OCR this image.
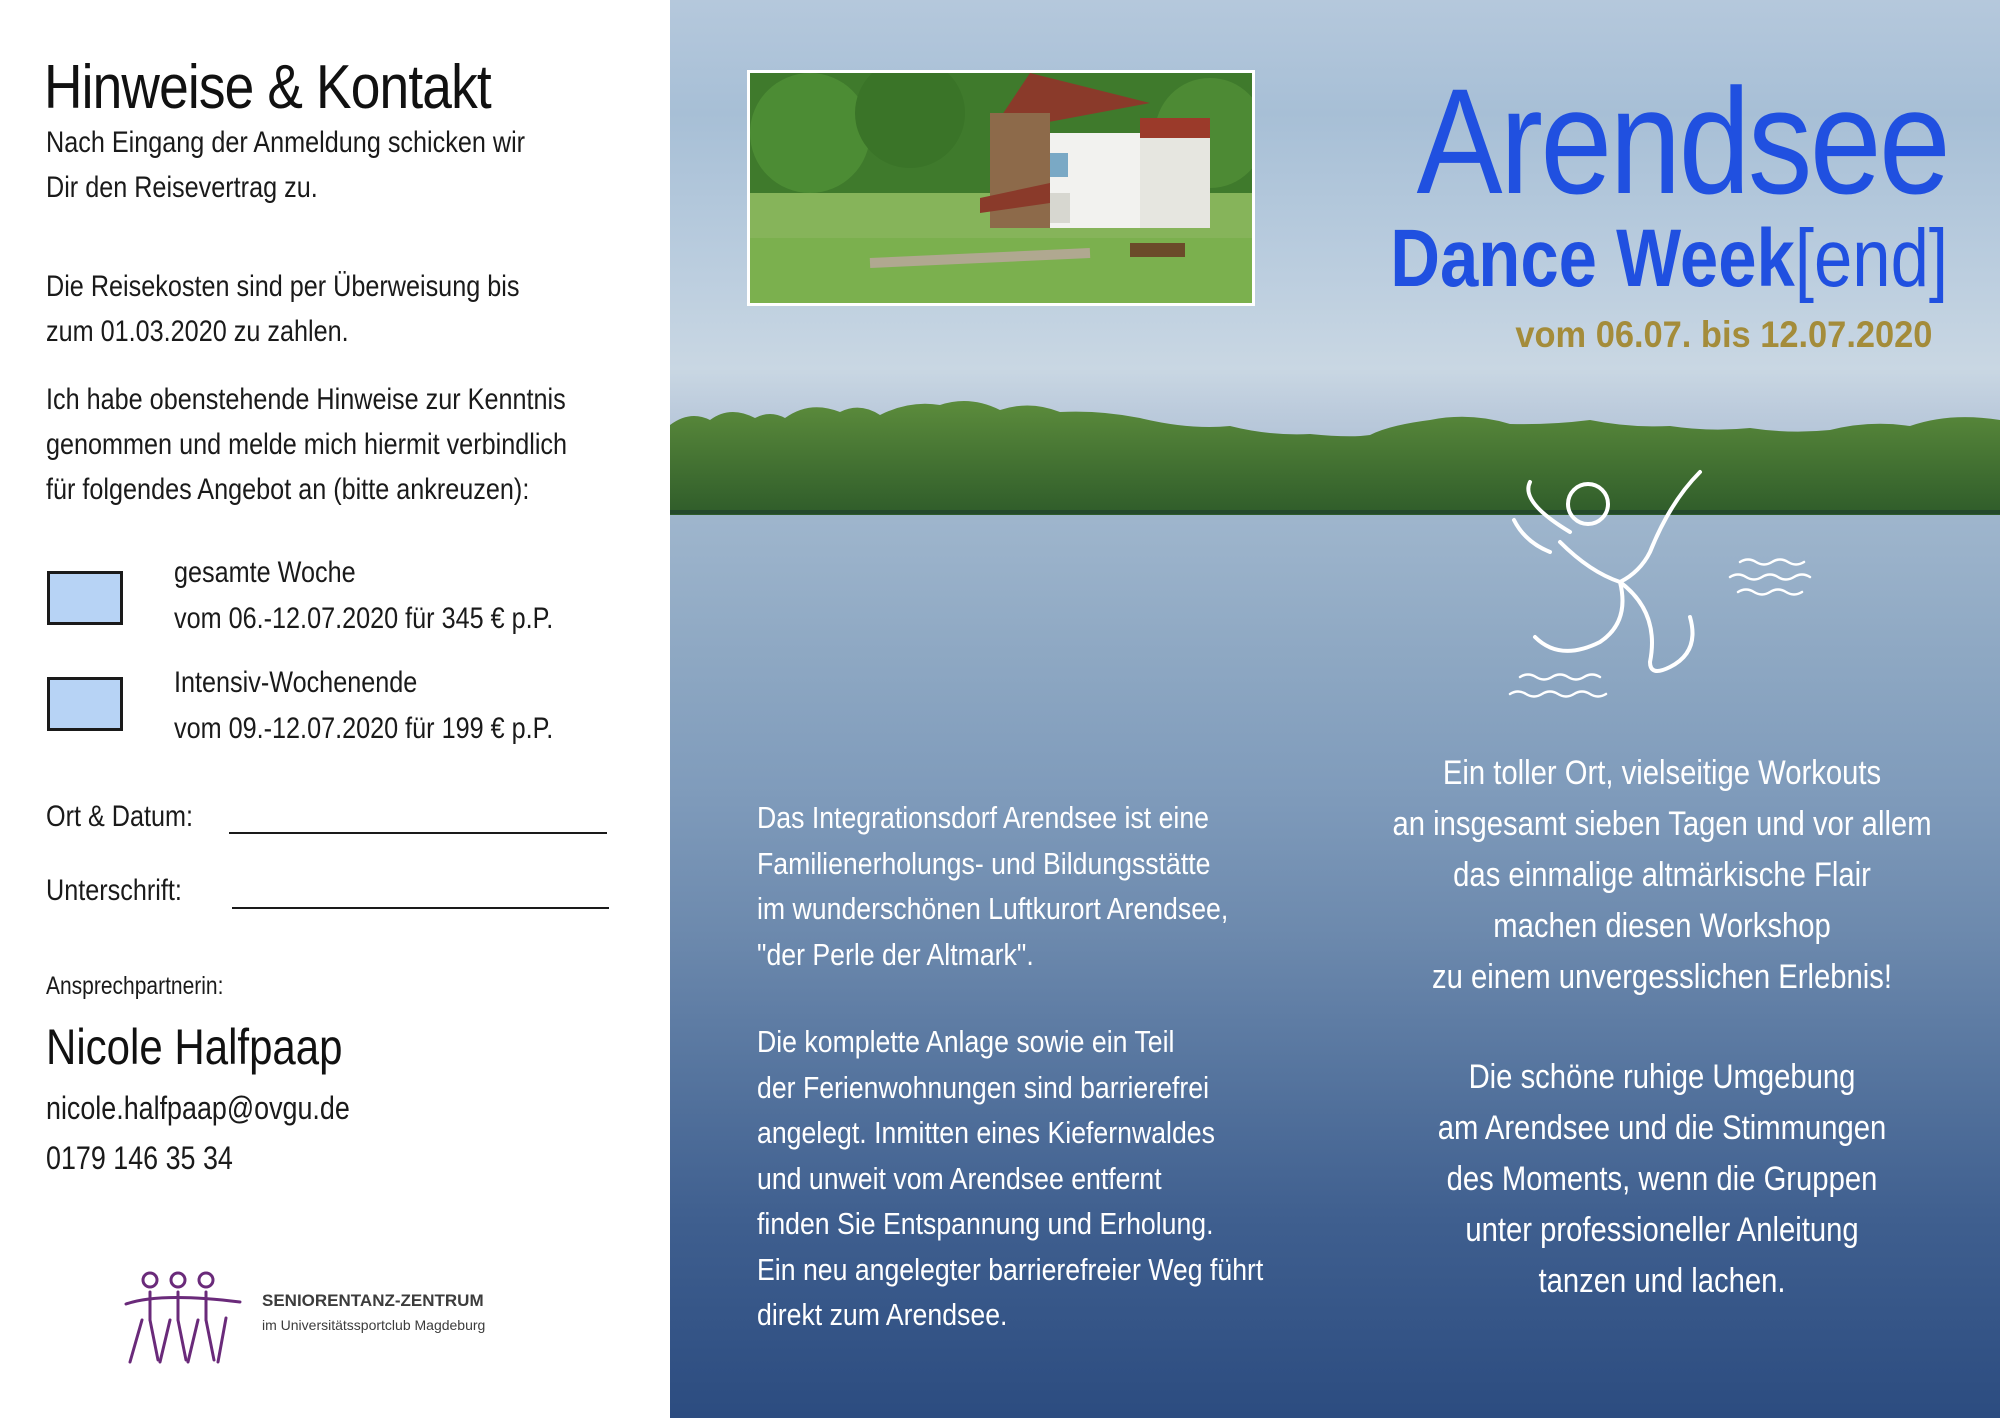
Hinweise & Kontakt
Nach Eingang der Anmeldung schicken wir
Dir den Reisevertrag zu.
Die Reisekosten sind per Überweisung bis
zum 01.03.2020 zu zahlen.
Ich habe obenstehende Hinweise zur Kenntnis
genommen und melde mich hiermit verbindlich
für folgendes Angebot an (bitte ankreuzen):
gesamte Woche
vom 06.-12.07.2020 für 345 € p.P.
Intensiv-Wochenende
vom 09.-12.07.2020 für 199 € p.P.
Ort & Datum:
Unterschrift:
Ansprechpartnerin:
Nicole Halfpaap
nicole.halfpaap@ovgu.de
0179 146 35 34
SENIORENTANZ-ZENTRUM
im Universitätssportclub Magdeburg
Arendsee
Dance Week[end]
vom 06.07. bis 12.07.2020
Das Integrationsdorf Arendsee ist eine
Familienerholungs- und Bildungsstätte
im wunderschönen Luftkurort Arendsee,
"der Perle der Altmark".
Die komplette Anlage sowie ein Teil
der Ferienwohnungen sind barrierefrei
angelegt. Inmitten eines Kiefernwaldes
und unweit vom Arendsee entfernt
finden Sie Entspannung und Erholung.
Ein neu angelegter barrierefreier Weg führt
direkt zum Arendsee.
Ein toller Ort, vielseitige Workouts
an insgesamt sieben Tagen und vor allem
das einmalige altmärkische Flair
machen diesen Workshop
zu einem unvergesslichen Erlebnis!
Die schöne ruhige Umgebung
am Arendsee und die Stimmungen
des Moments, wenn die Gruppen
unter professioneller Anleitung
tanzen und lachen.
